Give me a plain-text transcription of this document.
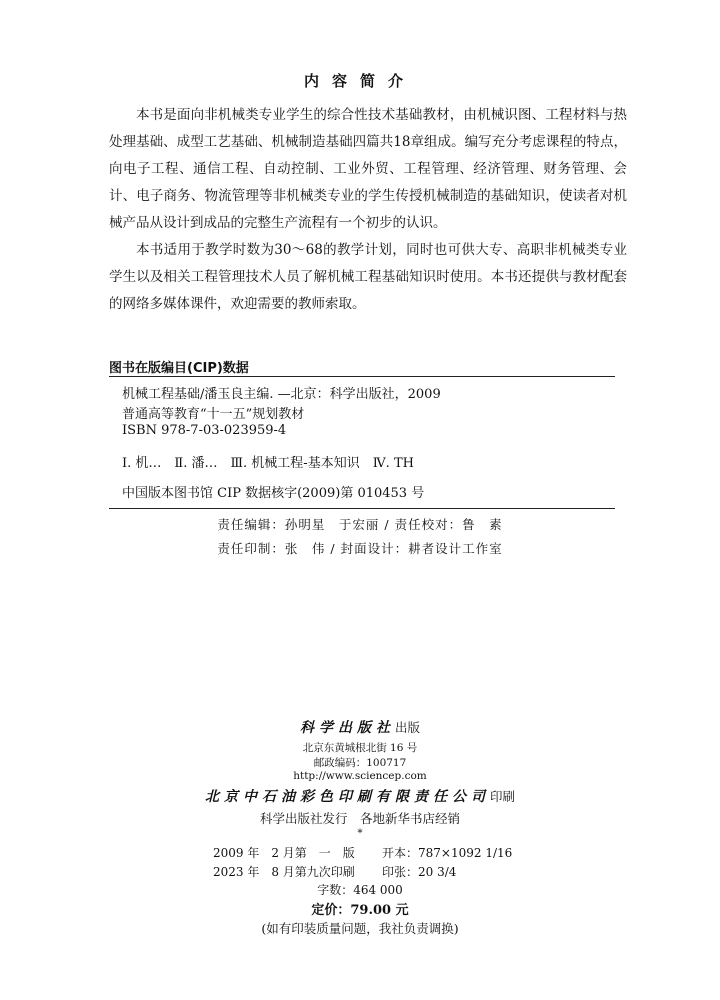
内容简介

本书是面向非机械类专业学生的综合性技术基础教材，由机械识图、工程材料与热处理基础、成型工艺基础、机械制造基础四篇共18章组成。编写充分考虑课程的特点，向电子工程、通信工程、自动控制、工业外贸、工程管理、经济管理、财务管理、会计、电子商务、物流管理等非机械类专业的学生传授机械制造的基础知识，使读者对机械产品从设计到成品的完整生产流程有一个初步的认识。

本书适用于教学时数为30～68的教学计划，同时也可供大专、高职非机械类专业学生以及相关工程管理技术人员了解机械工程基础知识时使用。本书还提供与教材配套的网络多媒体课件，欢迎需要的教师索取。

图书在版编目(CIP)数据
机械工程基础/潘玉良主编. —北京：科学出版社，2009
普通高等教育“十一五”规划教材
ISBN 978-7-03-023959-4
Ⅰ. 机…　Ⅱ. 潘…　Ⅲ. 机械工程-基本知识　Ⅳ. TH
中国版本图书馆 CIP 数据核字(2009)第 010453 号
责任编辑：孙明星　于宏丽 / 责任校对：鲁　素
责任印制：张　伟 / 封面设计：耕者设计工作室
科学出版社出版
北京东黄城根北街 16 号
邮政编码：100717
http://www.sciencep.com
北京中石油彩色印刷有限责任公司印刷
科学出版社发行　各地新华书店经销
*
2009 年　2 月第　一　版 开本：787×1092 1/16
2023 年　8 月第九次印刷 印张：20 3/4
字数：464 000
定价：79.00 元
(如有印装质量问题，我社负责调换)
